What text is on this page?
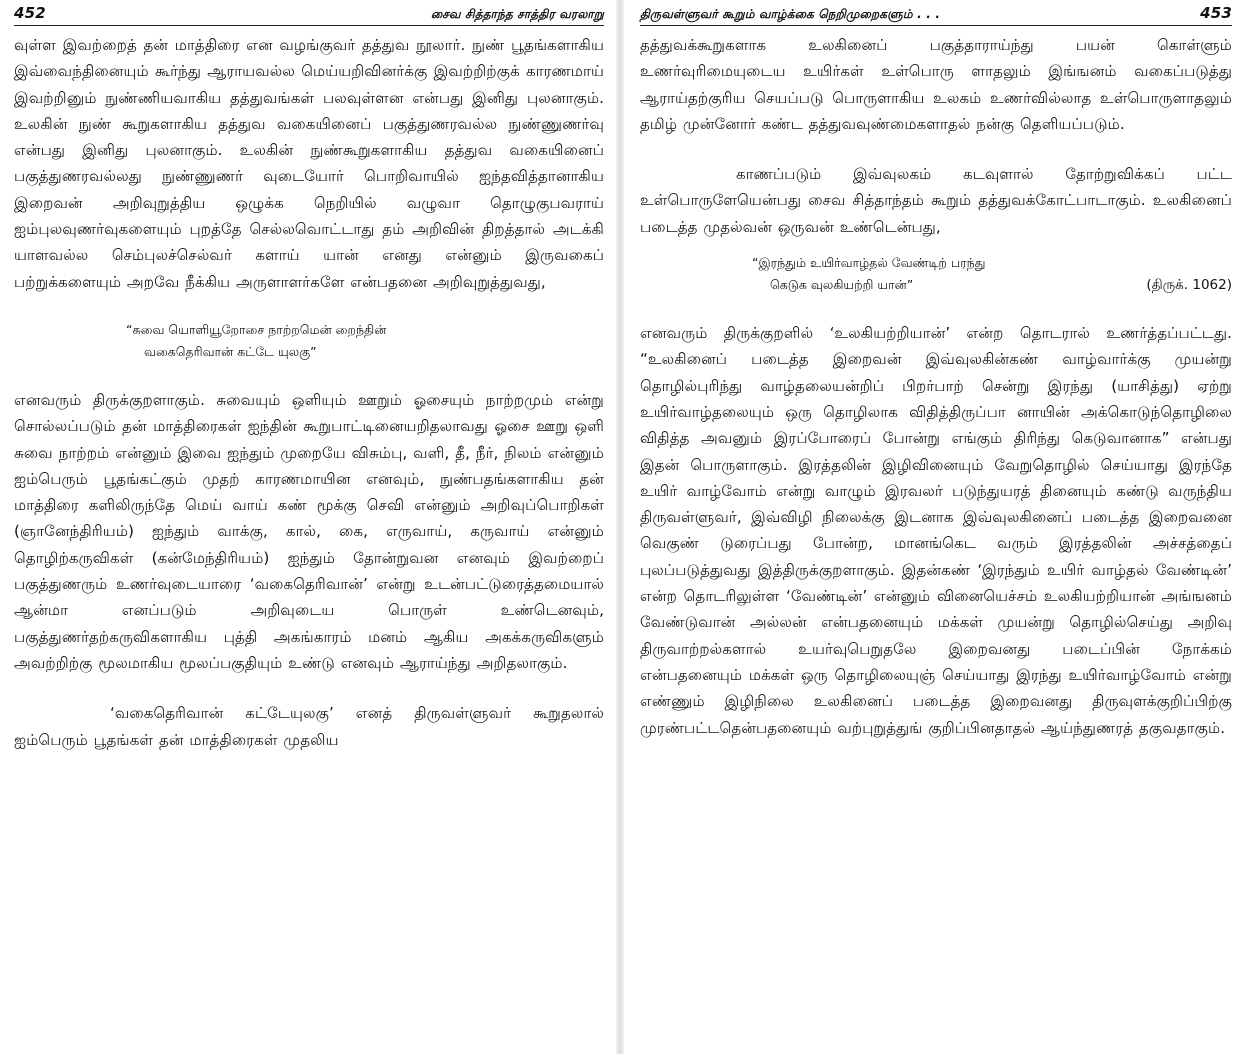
452	சைவ சித்தாந்த சாத்திர வரலாறு

வுள்ள இவற்றைத் தன் மாத்திரை என வழங்குவர் தத்துவ நூலார். நுண் பூதங்களாகிய இவ்வைந்தினையும் கூர்ந்து ஆராயவல்ல மெய்யறிவினர்க்கு இவற்றிற்குக் காரணமாய் இவற்றினும் நுண்ணியவாகிய தத்துவங்கள் பலவுள்ளன என்பது இனிது புலனாகும். உலகின் நுண் கூறுகளாகிய தத்துவ வகையினைப் பகுத்துணரவல்ல நுண்ணுணர்வு என்பது இனிது புலனாகும். உலகின் நுண்கூறுகளாகிய தத்துவ வகையினைப் பகுத்துணரவல்லது நுண்ணுணர் வுடையோர் பொறிவாயில் ஐந்தவித்தானாகிய இறைவன் அறிவுறுத்திய ஒழுக்க நெறியில் வழுவா தொழுகுபவராய் ஐம்புலவுணர்வுகளையும் புறத்தே செல்லவொட்டாது தம் அறிவின் திறத்தால் அடக்கி யாளவல்ல செம்புலச்செல்வர் களாய் யான் எனது என்னும் இருவகைப் பற்றுக்களையும் அறவே நீக்கிய அருளாளர்களே என்பதனை அறிவுறுத்துவது,

“சுவை யொளியூறோசை நாற்றமென் றைந்தின்
வகைதெரிவான் கட்டே யுலகு”

எனவரும் திருக்குறளாகும். சுவையும் ஒளியும் ஊறும் ஓசையும் நாற்றமும் என்று சொல்லப்படும் தன் மாத்திரைகள் ஐந்தின் கூறுபாட்டினையறிதலாவது ஓசை ஊறு ஒளி சுவை நாற்றம் என்னும் இவை ஐந்தும் முறையே விசும்பு, வளி, தீ, நீர், நிலம் என்னும் ஐம்பெரும் பூதங்கட்கும் முதற் காரணமாயின எனவும், நுண்பதங்களாகிய தன் மாத்திரை களிலிருந்தே மெய் வாய் கண் மூக்கு செவி என்னும் அறிவுப்பொறிகள் (ஞானேந்திரியம்) ஐந்தும் வாக்கு, கால், கை, எருவாய், கருவாய் என்னும் தொழிற்கருவிகள் (கன்மேந்திரியம்) ஐந்தும் தோன்றுவன எனவும் இவற்றைப் பகுத்துணரும் உணர்வுடையாரை ‘வகைதெரிவான்’ என்று உடன்பட்டுரைத்தமையால் ஆன்மா எனப்படும் அறிவுடைய பொருள் உண்டெனவும், பகுத்துணர்தற்கருவிகளாகிய புத்தி அகங்காரம் மனம் ஆகிய அகக்கருவிகளும் அவற்றிற்கு மூலமாகிய மூலப்பகுதியும் உண்டு எனவும் ஆராய்ந்து அறிதலாகும்.

‘வகைதெரிவான் கட்டேயுலகு’ எனத் திருவள்ளுவர் கூறுதலால் ஐம்பெரும் பூதங்கள் தன் மாத்திரைகள் முதலிய

திருவள்ளுவர் கூறும் வாழ்க்கை நெறிமுறைகளும் . . .	453

தத்துவக்கூறுகளாக உலகினைப் பகுத்தாராய்ந்து பயன் கொள்ளும் உணர்வுரிமையுடைய உயிர்கள் உள்பொரு ளாதலும் இங்ஙனம் வகைப்படுத்து ஆராய்தற்குரிய செயப்படு பொருளாகிய உலகம் உணர்வில்லாத உள்பொருளாதலும் தமிழ் முன்னோர் கண்ட தத்துவவுண்மைகளாதல் நன்கு தெளியப்படும்.

காணப்படும் இவ்வுலகம் கடவுளால் தோற்றுவிக்கப் பட்ட உள்பொருளேயென்பது சைவ சித்தாந்தம் கூறும் தத்துவக்கோட்பாடாகும். உலகினைப் படைத்த முதல்வன் ஒருவன் உண்டென்பது,

“இரந்தும் உயிர்வாழ்தல் வேண்டிற் பரந்து
கெடுக வுலகியற்றி யான்”	(திருக். 1062)

எனவரும் திருக்குறளில் ‘உலகியற்றியான்’ என்ற தொடரால் உணர்த்தப்பட்டது. “உலகினைப் படைத்த இறைவன் இவ்வுலகின்கண் வாழ்வார்க்கு முயன்று தொழில்புரிந்து வாழ்தலையன்றிப் பிறர்பாற் சென்று இரந்து (யாசித்து) ஏற்று உயிர்வாழ்தலையும் ஒரு தொழிலாக விதித்திருப்பா னாயின் அக்கொடுந்தொழிலை விதித்த அவனும் இரப்போரைப் போன்று எங்கும் திரிந்து கெடுவானாக” என்பது இதன் பொருளாகும். இரத்தலின் இழிவினையும் வேறுதொழில் செய்யாது இரந்தே உயிர் வாழ்வோம் என்று வாழும் இரவலர் படுந்துயரத் தினையும் கண்டு வருந்திய திருவள்ளுவர், இவ்விழி நிலைக்கு இடனாக இவ்வுலகினைப் படைத்த இறைவனை வெகுண் டுரைப்பது போன்ற, மானங்கெட வரும் இரத்தலின் அச்சத்தைப் புலப்படுத்துவது இத்திருக்குறளாகும். இதன்கண் ‘இரந்தும் உயிர் வாழ்தல் வேண்டின்’ என்ற தொடரிலுள்ள ‘வேண்டின்’ என்னும் வினையெச்சம் உலகியற்றியான் அங்ஙனம் வேண்டுவான் அல்லன் என்பதனையும் மக்கள் முயன்று தொழில்செய்து அறிவு திருவாற்றல்களால் உயர்வுபெறுதலே இறைவனது படைப்பின் நோக்கம் என்பதனையும் மக்கள் ஒரு தொழிலையுஞ் செய்யாது இரந்து உயிர்வாழ்வோம் என்று எண்ணும் இழிநிலை உலகினைப் படைத்த இறைவனது திருவுளக்குறிப்பிற்கு முரண்பட்டதென்பதனையும் வற்புறுத்துங் குறிப்பினதாதல் ஆய்ந்துணரத் தகுவதாகும்.
